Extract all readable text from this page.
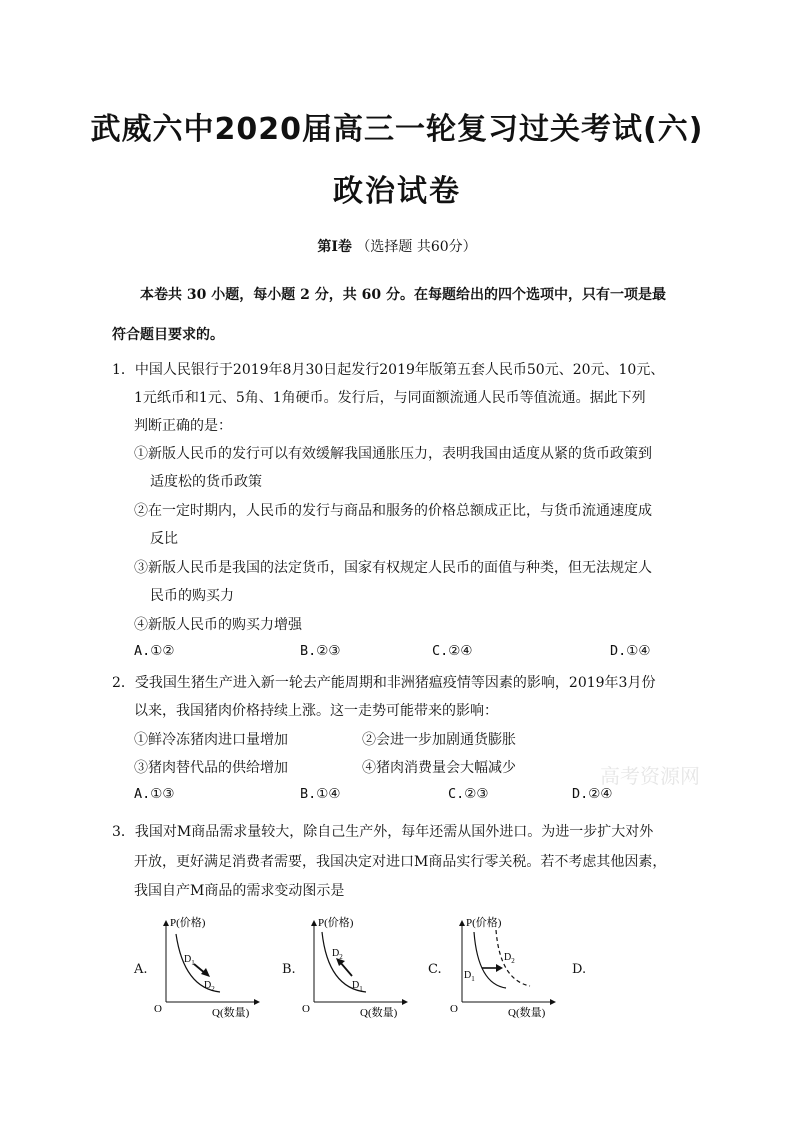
武威六中2020届高三一轮复习过关考试(六)
政治试卷
第Ⅰ卷 （选择题 共60分）
本卷共 30 小题，每小题 2 分，共 60 分。在每题给出的四个选项中，只有一项是最
符合题目要求的。
1．中国人民银行于2019年8月30日起发行2019年版第五套人民币50元、20元、10元、
1元纸币和1元、5角、1角硬币。发行后，与同面额流通人民币等值流通。据此下列
判断正确的是：
①新版人民币的发行可以有效缓解我国通胀压力，表明我国由适度从紧的货币政策到
适度松的货币政策
②在一定时期内，人民币的发行与商品和服务的价格总额成正比，与货币流通速度成
反比
③新版人民币是我国的法定货币，国家有权规定人民币的面值与种类，但无法规定人
民币的购买力
④新版人民币的购买力增强
A.①②	B.②③	C.②④	D.①④
2．受我国生猪生产进入新一轮去产能周期和非洲猪瘟疫情等因素的影响，2019年3月份
以来，我国猪肉价格持续上涨。这一走势可能带来的影响：
①鲜冷冻猪肉进口量增加	②会进一步加剧通货膨胀
③猪肉替代品的供给增加	④猪肉消费量会大幅减少
A.①③	B.①④	C.②③	D.②④
高考资源网
3．我国对M商品需求量较大，除自己生产外，每年还需从国外进口。为进一步扩大对外
开放，更好满足消费者需要，我国决定对进口M商品实行零关税。若不考虑其他因素，
我国自产M商品的需求变动图示是
A.	B.	C.	D.
P(价格)
Q(数量)
O
$D_1$
$D_2$
P(价格)
Q(数量)
O
$D_2$
$D_1$
P(价格)
Q(数量)
O
$D_1$
$D_2$
